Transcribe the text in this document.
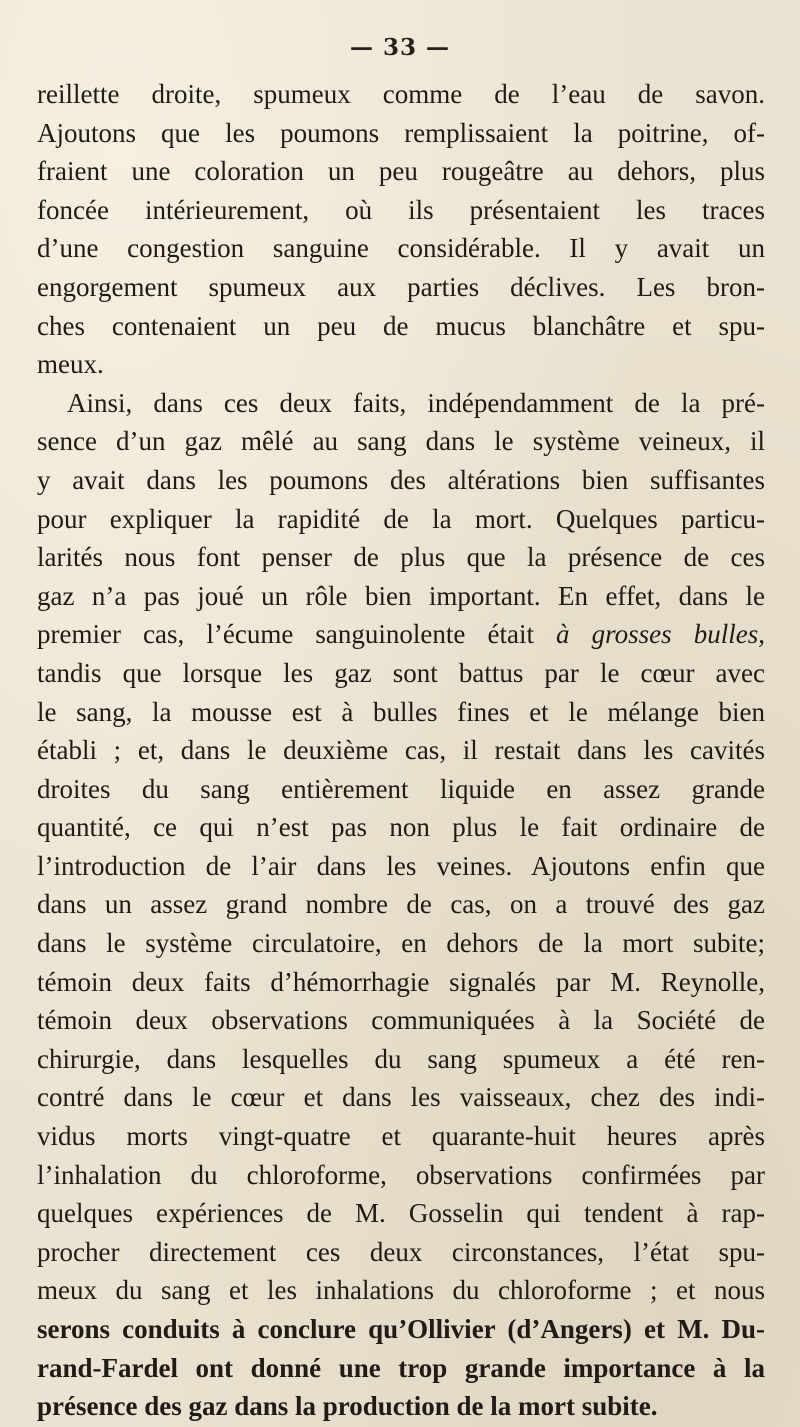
— 33 —
reillette droite, spumeux comme de l’eau de savon.
Ajoutons que les poumons remplissaient la poitrine, of-
fraient une coloration un peu rougeâtre au dehors, plus
foncée intérieurement, où ils présentaient les traces
d’une congestion sanguine considérable. Il y avait un
engorgement spumeux aux parties déclives. Les bron-
ches contenaient un peu de mucus blanchâtre et spu-
meux.
Ainsi, dans ces deux faits, indépendamment de la pré-
sence d’un gaz mêlé au sang dans le système veineux, il
y avait dans les poumons des altérations bien suffisantes
pour expliquer la rapidité de la mort. Quelques particu-
larités nous font penser de plus que la présence de ces
gaz n’a pas joué un rôle bien important. En effet, dans le
premier cas, l’écume sanguinolente était à grosses bulles,
tandis que lorsque les gaz sont battus par le cœur avec
le sang, la mousse est à bulles fines et le mélange bien
établi ; et, dans le deuxième cas, il restait dans les cavités
droites du sang entièrement liquide en assez grande
quantité, ce qui n’est pas non plus le fait ordinaire de
l’introduction de l’air dans les veines. Ajoutons enfin que
dans un assez grand nombre de cas, on a trouvé des gaz
dans le système circulatoire, en dehors de la mort subite;
témoin deux faits d’hémorrhagie signalés par M. Reynolle,
témoin deux observations communiquées à la Société de
chirurgie, dans lesquelles du sang spumeux a été ren-
contré dans le cœur et dans les vaisseaux, chez des indi-
vidus morts vingt-quatre et quarante-huit heures après
l’inhalation du chloroforme, observations confirmées par
quelques expériences de M. Gosselin qui tendent à rap-
procher directement ces deux circonstances, l’état spu-
meux du sang et les inhalations du chloroforme ; et nous
serons conduits à conclure qu’Ollivier (d’Angers) et M. Du-
rand-Fardel ont donné une trop grande importance à la
présence des gaz dans la production de la mort subite.
